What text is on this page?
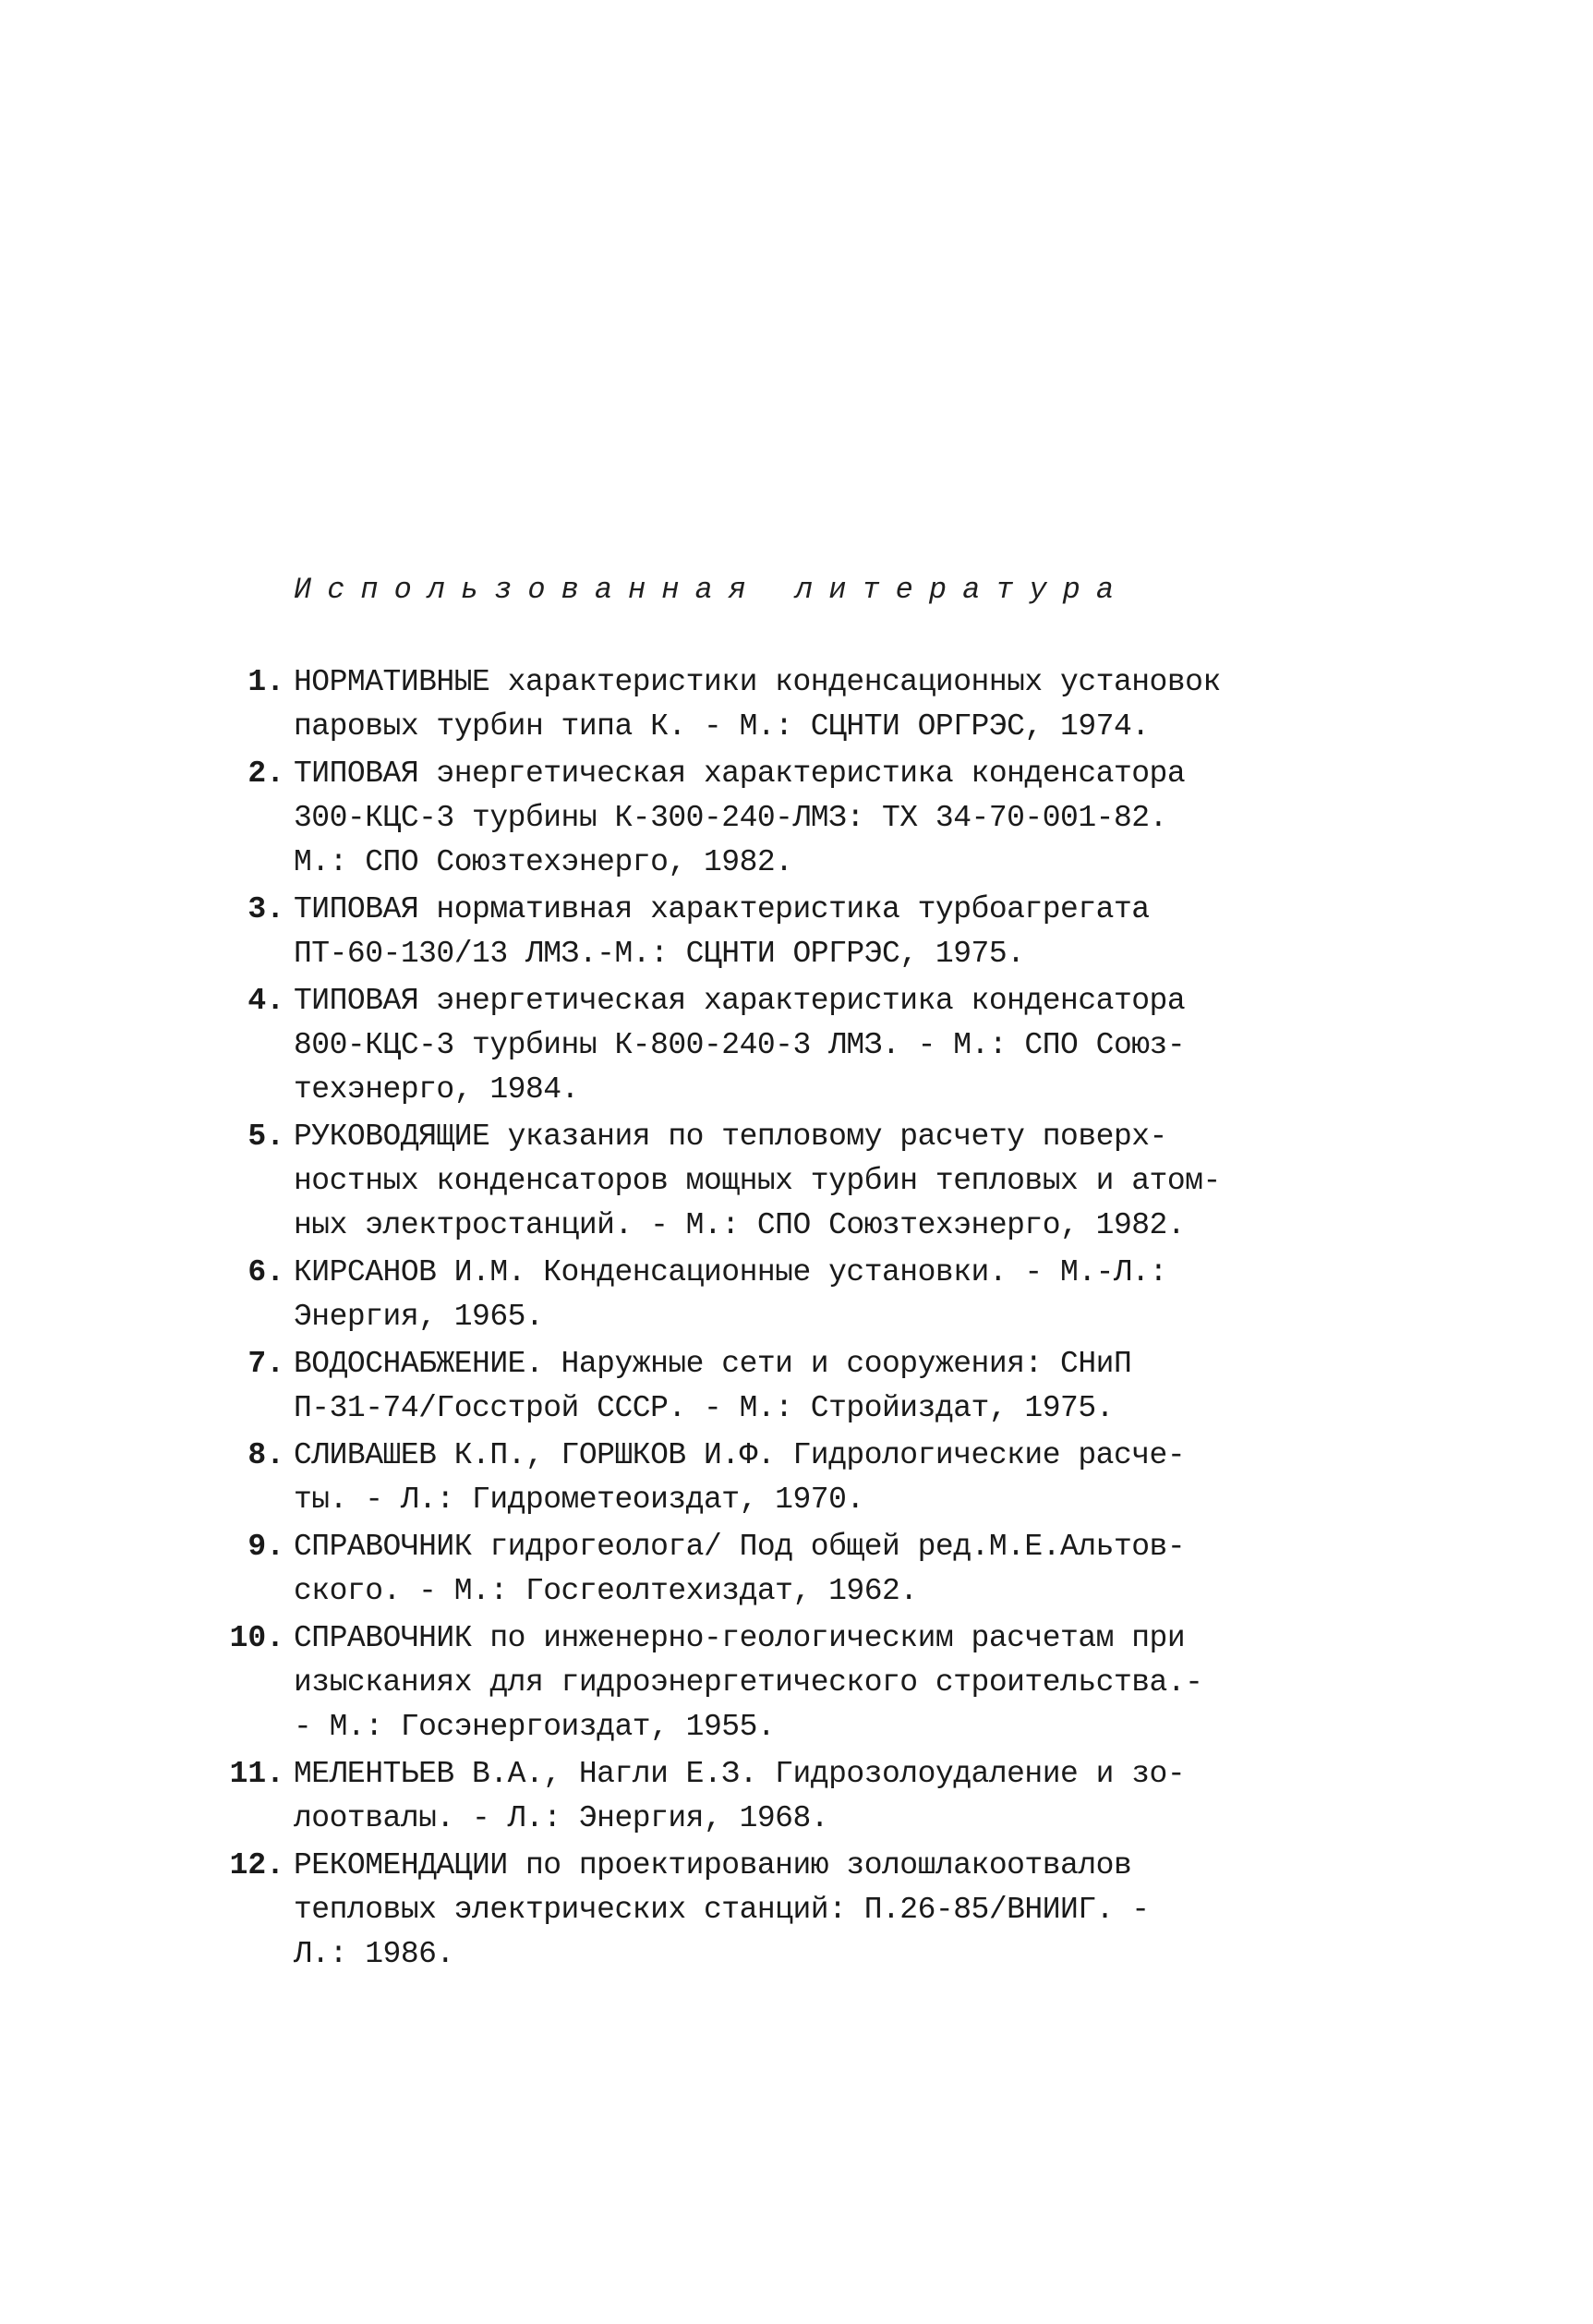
Использованная литература
1. НОРМАТИВНЫЕ характеристики конденсационных установок
паровых турбин типа К. - М.: СЦНТИ ОРГРЭС, 1974.
2. ТИПОВАЯ энергетическая характеристика конденсатора
300-КЦС-3 турбины К-300-240-ЛМЗ: ТХ 34-70-001-82.
М.: СПО Союзтехэнерго, 1982.
3. ТИПОВАЯ нормативная характеристика турбоагрегата
ПТ-60-130/13 ЛМЗ.-М.: СЦНТИ ОРГРЭС, 1975.
4. ТИПОВАЯ энергетическая характеристика конденсатора
800-КЦС-3 турбины К-800-240-3 ЛМЗ. - М.: СПО Союз-
техэнерго, 1984.
5. РУКОВОДЯЩИЕ указания по тепловому расчету поверх-
ностных конденсаторов мощных турбин тепловых и атом-
ных электростанций. - М.: СПО Союзтехэнерго, 1982.
6. КИРСАНОВ И.М. Конденсационные установки. - М.-Л.:
Энергия, 1965.
7. ВОДОСНАБЖЕНИЕ. Наружные сети и сооружения: СНиП
П-31-74/Госстрой СССР. - М.: Стройиздат, 1975.
8. СЛИВАШЕВ К.П., ГОРШКОВ И.Ф. Гидрологические расче-
ты. - Л.: Гидрометеоиздат, 1970.
9. СПРАВОЧНИК гидрогеолога/ Под общей ред.М.Е.Альтов-
ского. - М.: Госгеолтехиздат, 1962.
10. СПРАВОЧНИК по инженерно-геологическим расчетам при
изысканиях для гидроэнергетического строительства.-
- М.: Госэнергоиздат, 1955.
11. МЕЛЕНТЬЕВ В.А., Нагли Е.З. Гидрозолоудаление и зо-
лоотвалы. - Л.: Энергия, 1968.
12. РЕКОМЕНДАЦИИ по проектированию золошлакоотвалов
тепловых электрических станций: П.26-85/ВНИИГ. -
Л.: 1986.
